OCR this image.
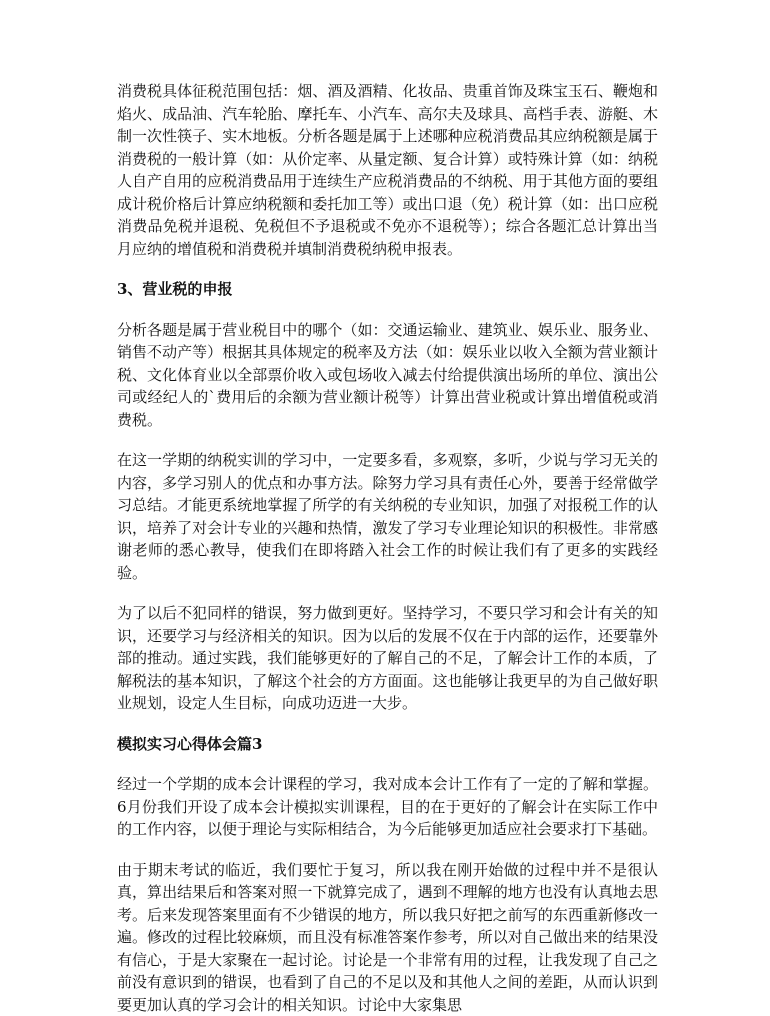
消费税具体征税范围包括：烟、酒及酒精、化妆品、贵重首饰及珠宝玉石、鞭炮和焰火、成品油、汽车轮胎、摩托车、小汽车、高尔夫及球具、高档手表、游艇、木制一次性筷子、实木地板。分析各题是属于上述哪种应税消费品其应纳税额是属于消费税的一般计算（如：从价定率、从量定额、复合计算）或特殊计算（如：纳税人自产自用的应税消费品用于连续生产应税消费品的不纳税、用于其他方面的要组成计税价格后计算应纳税额和委托加工等）或出口退（免）税计算（如：出口应税消费品免税并退税、免税但不予退税或不免亦不退税等）；综合各题汇总计算出当月应纳的增值税和消费税并填制消费税纳税申报表。

3、营业税的申报

分析各题是属于营业税目中的哪个（如：交通运输业、建筑业、娱乐业、服务业、销售不动产等）根据其具体规定的税率及方法（如：娱乐业以收入全额为营业额计税、文化体育业以全部票价收入或包场收入减去付给提供演出场所的单位、演出公司或经纪人的`费用后的余额为营业额计税等）计算出营业税或计算出增值税或消费税。

在这一学期的纳税实训的学习中，一定要多看，多观察，多听，少说与学习无关的内容，多学习别人的优点和办事方法。除努力学习具有责任心外，要善于经常做学习总结。才能更系统地掌握了所学的有关纳税的专业知识，加强了对报税工作的认识，培养了对会计专业的兴趣和热情，激发了学习专业理论知识的积极性。非常感谢老师的悉心教导，使我们在即将踏入社会工作的时候让我们有了更多的实践经验。

为了以后不犯同样的错误，努力做到更好。坚持学习，不要只学习和会计有关的知识，还要学习与经济相关的知识。因为以后的发展不仅在于内部的运作，还要靠外部的推动。通过实践，我们能够更好的了解自己的不足，了解会计工作的本质，了解税法的基本知识，了解这个社会的方方面面。这也能够让我更早的为自己做好职业规划，设定人生目标，向成功迈进一大步。

模拟实习心得体会篇3

经过一个学期的成本会计课程的学习，我对成本会计工作有了一定的了解和掌握。6月份我们开设了成本会计模拟实训课程，目的在于更好的了解会计在实际工作中的工作内容，以便于理论与实际相结合，为今后能够更加适应社会要求打下基础。

由于期末考试的临近，我们要忙于复习，所以我在刚开始做的过程中并不是很认真，算出结果后和答案对照一下就算完成了，遇到不理解的地方也没有认真地去思考。后来发现答案里面有不少错误的地方，所以我只好把之前写的东西重新修改一遍。修改的过程比较麻烦，而且没有标准答案作参考，所以对自己做出来的结果没有信心，于是大家聚在一起讨论。讨论是一个非常有用的过程，让我发现了自己之前没有意识到的错误，也看到了自己的不足以及和其他人之间的差距，从而认识到要更加认真的学习会计的相关知识。讨论中大家集思
